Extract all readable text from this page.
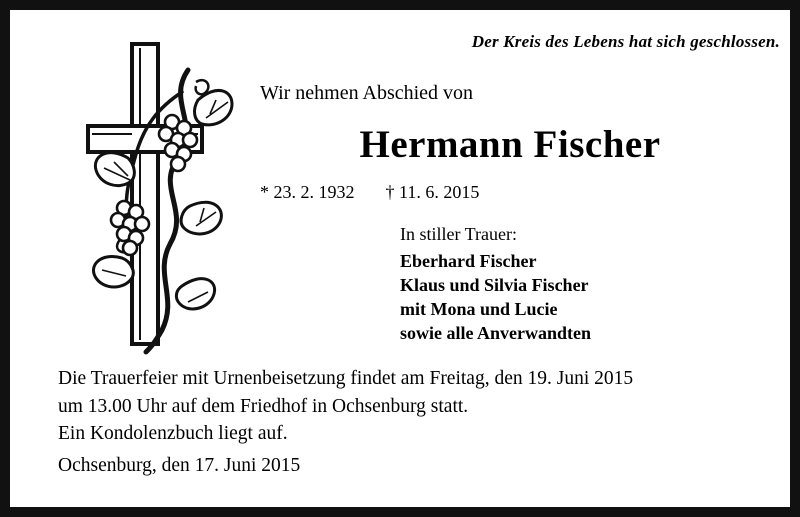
Der Kreis des Lebens hat sich geschlossen.
Wir nehmen Abschied von
Hermann Fischer
* 23. 2. 1932 † 11. 6. 2015
In stiller Trauer:
Eberhard Fischer
Klaus und Silvia Fischer
mit Mona und Lucie
sowie alle Anverwandten
Die Trauerfeier mit Urnenbeisetzung findet am Freitag, den 19. Juni 2015
um 13.00 Uhr auf dem Friedhof in Ochsenburg statt.
Ein Kondolenzbuch liegt auf.
Ochsenburg, den 17. Juni 2015
